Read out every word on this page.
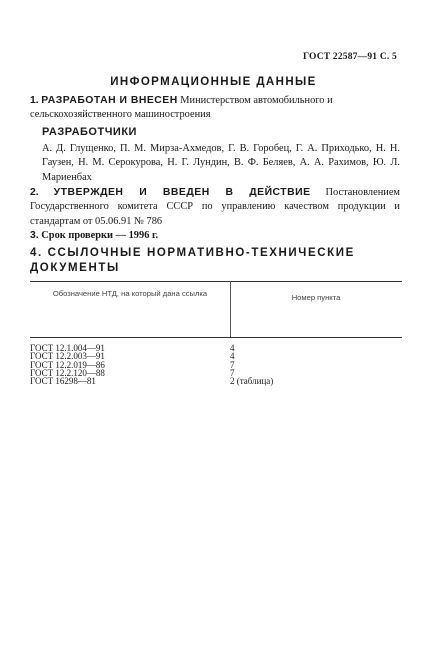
ГОСТ 22587—91 С. 5
ИНФОРМАЦИОННЫЕ ДАННЫЕ
1. РАЗРАБОТАН И ВНЕСЕН Министерством автомобильного и
сельскохозяйственного машиностроения
РАЗРАБОТЧИКИ
А. Д. Глущенко, П. М. Мирза-Ахмедов, Г. В. Горобец, Г. А. Приходько, Н. Н. Гаузен, Н. М. Серокурова, Н. Г. Лундин, В. Ф. Беляев, А. А. Рахимов, Ю. Л. Мариенбах
2. УТВЕРЖДЕН И ВВЕДЕН В ДЕЙСТВИЕ Постановлением Государственного комитета СССР по управлению качеством продукции и стандартам от 05.06.91 № 786
3. Срок проверки — 1996 г.
4. ССЫЛОЧНЫЕ НОРМАТИВНО-ТЕХНИЧЕСКИЕ ДОКУМЕНТЫ
Обозначение НТД, на который дана ссылка	Номер пункта
ГОСТ 12.1.004—91	4
ГОСТ 12.2.003—91	4
ГОСТ 12.2.019—86	7
ГОСТ 12.2.120—88	7
ГОСТ 16298—81	2 (таблица)
